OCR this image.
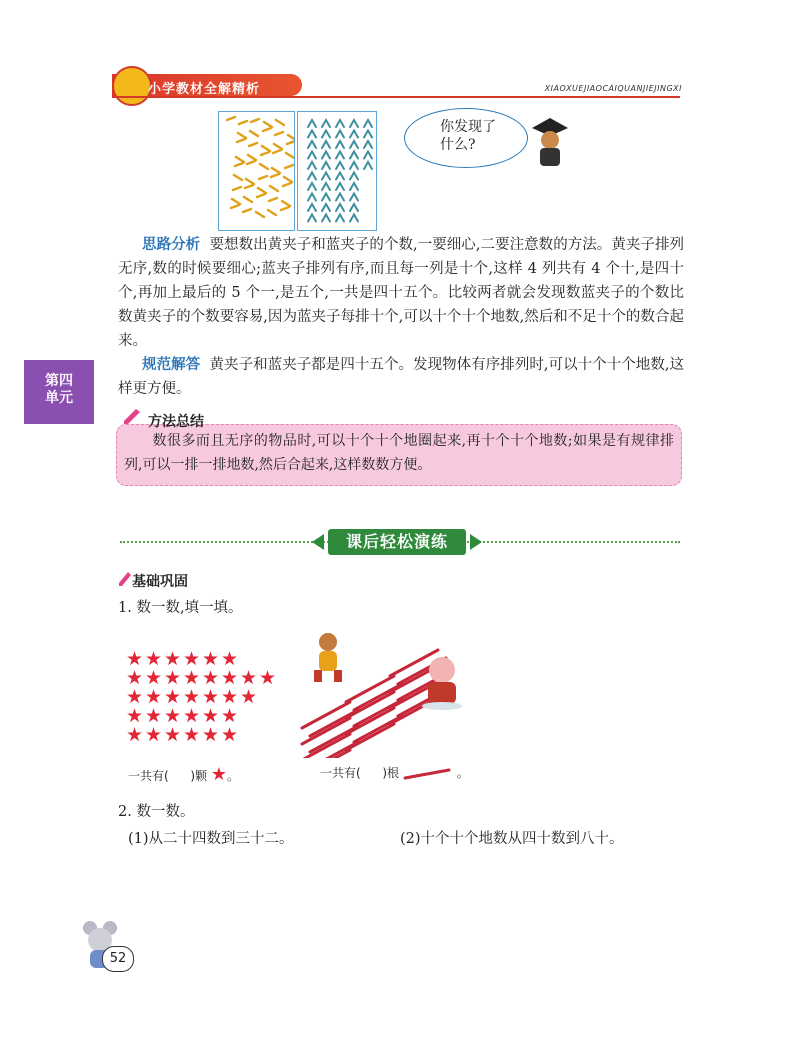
小学教材全解精析	XIAOXUEJIAOCAIQUANJIEJINGXI
你发现了
什么?
第四
单元
思路分析 要想数出黄夹子和蓝夹子的个数,一要细心,二要注意数的方法。黄夹子排列无序,数的时候要细心;蓝夹子排列有序,而且每一列是十个,这样 4 列共有 4 个十,是四十个,再加上最后的 5 个一,是五个,一共是四十五个。比较两者就会发现数蓝夹子的个数比数黄夹子的个数要容易,因为蓝夹子每排十个,可以十个十个地数,然后和不足十个的数合起来。
规范解答 黄夹子和蓝夹子都是四十五个。发现物体有序排列时,可以十个十个地数,这样更方便。
方法总结
数很多而且无序的物品时,可以十个十个地圈起来,再十个十个地数;如果是有规律排列,可以一排一排地数,然后合起来,这样数数方便。
课后轻松演练
基础巩固
1. 数一数,填一填。
★ ★ ★ ★ ★ ★
★ ★ ★ ★ ★ ★ ★ ★
★ ★ ★ ★ ★ ★ ★
★ ★ ★ ★ ★ ★
★ ★ ★ ★ ★ ★
一共有( )颗 ★。	一共有( )根	。
2. 数一数。
(1)从二十四数到三十二。	(2)十个十个地数从四十数到八十。
52
